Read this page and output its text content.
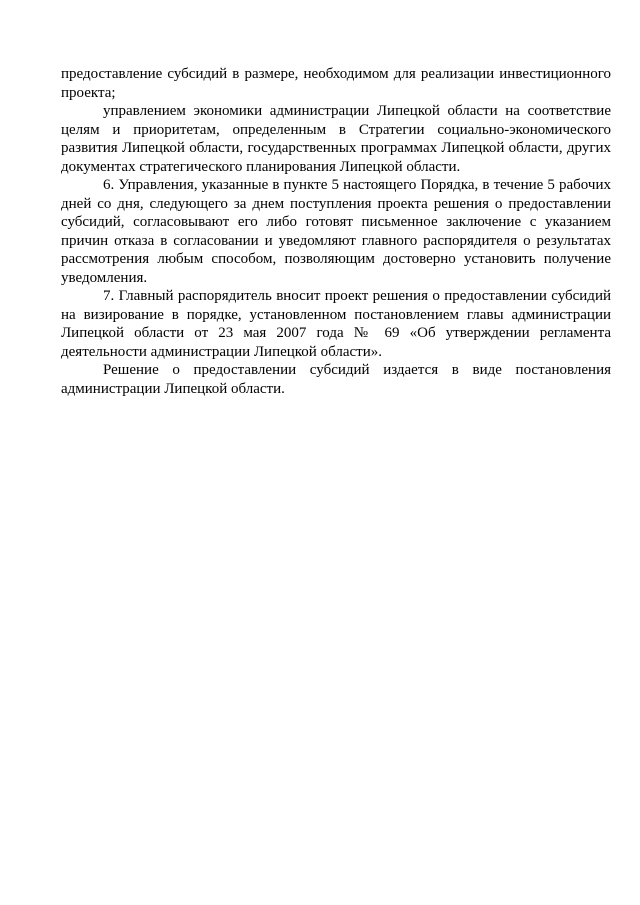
предоставление субсидий в размере, необходимом для реализации инвестиционного проекта;

управлением экономики администрации Липецкой области на соответствие целям и приоритетам, определенным в Стратегии социально-экономического развития Липецкой области, государственных программах Липецкой области, других документах стратегического планирования Липецкой области.

6. Управления, указанные в пункте 5 настоящего Порядка, в течение 5 рабочих дней со дня, следующего за днем поступления проекта решения о предоставлении субсидий, согласовывают его либо готовят письменное заключение с указанием причин отказа в согласовании и уведомляют главного распорядителя о результатах рассмотрения любым способом, позволяющим достоверно установить получение уведомления.

7. Главный распорядитель вносит проект решения о предоставлении субсидий на визирование в порядке, установленном постановлением главы администрации Липецкой области от 23 мая 2007 года № 69 «Об утверждении регламента деятельности администрации Липецкой области».

Решение о предоставлении субсидий издается в виде постановления администрации Липецкой области.
